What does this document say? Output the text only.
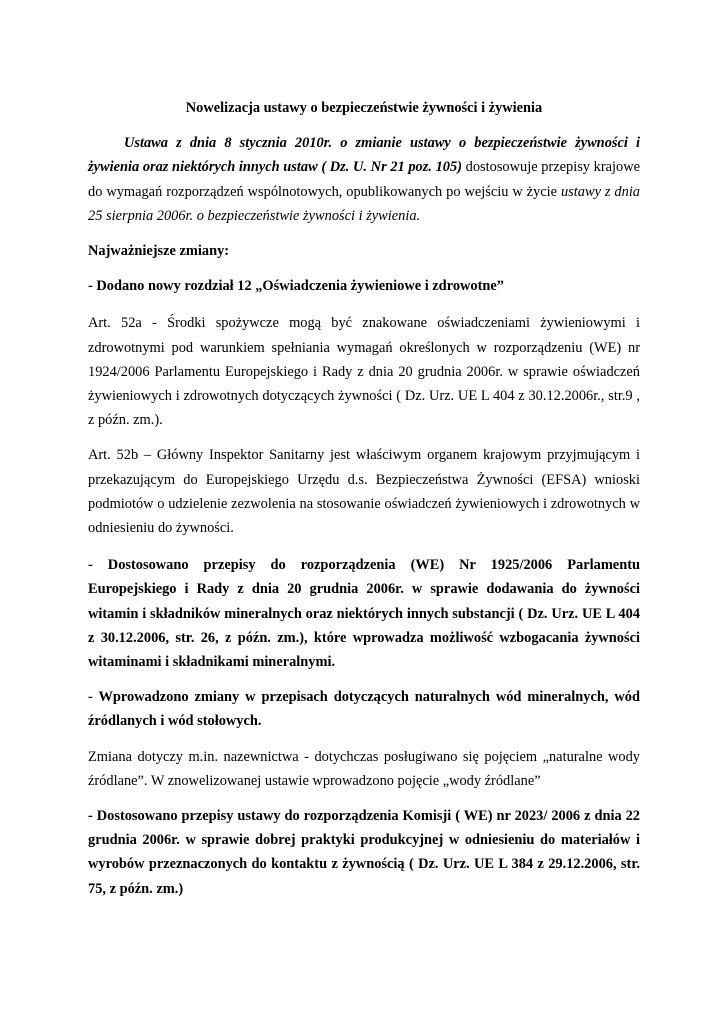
Nowelizacja ustawy o bezpieczeństwie żywności i żywienia

Ustawa z dnia 8 stycznia 2010r. o zmianie ustawy o bezpieczeństwie żywności i żywienia oraz niektórych innych ustaw ( Dz. U. Nr 21 poz. 105) dostosowuje przepisy krajowe do wymagań rozporządzeń wspólnotowych, opublikowanych po wejściu w życie ustawy z dnia 25 sierpnia 2006r. o bezpieczeństwie żywności i żywienia.

Najważniejsze zmiany:

- Dodano nowy rozdział 12 „Oświadczenia żywieniowe i zdrowotne”

Art. 52a - Środki spożywcze mogą być znakowane oświadczeniami żywieniowymi i zdrowotnymi pod warunkiem spełniania wymagań określonych w rozporządzeniu (WE) nr 1924/2006 Parlamentu Europejskiego i Rady z dnia 20 grudnia 2006r. w sprawie oświadczeń żywieniowych i zdrowotnych dotyczących żywności ( Dz. Urz. UE L 404 z 30.12.2006r., str.9 , z późn. zm.).

Art. 52b – Główny Inspektor Sanitarny jest właściwym organem krajowym przyjmującym i przekazującym do Europejskiego Urzędu d.s. Bezpieczeństwa Żywności (EFSA) wnioski podmiotów o udzielenie zezwolenia na stosowanie oświadczeń żywieniowych i zdrowotnych w odniesieniu do żywności.

- Dostosowano przepisy do rozporządzenia (WE) Nr 1925/2006 Parlamentu Europejskiego i Rady z dnia 20 grudnia 2006r. w sprawie dodawania do żywności witamin i składników mineralnych oraz niektórych innych substancji ( Dz. Urz. UE L 404 z 30.12.2006, str. 26, z późn. zm.), które wprowadza możliwość wzbogacania żywności witaminami i składnikami mineralnymi.

- Wprowadzono zmiany w przepisach dotyczących naturalnych wód mineralnych, wód źródlanych i wód stołowych.

Zmiana dotyczy m.in. nazewnictwa - dotychczas posługiwano się pojęciem „naturalne wody źródlane”. W znowelizowanej ustawie wprowadzono pojęcie „wody źródlane”

- Dostosowano przepisy ustawy do rozporządzenia Komisji ( WE) nr 2023/ 2006 z dnia 22 grudnia 2006r. w sprawie dobrej praktyki produkcyjnej w odniesieniu do materiałów i wyrobów przeznaczonych do kontaktu z żywnością ( Dz. Urz. UE L 384 z 29.12.2006, str. 75, z późn. zm.)
